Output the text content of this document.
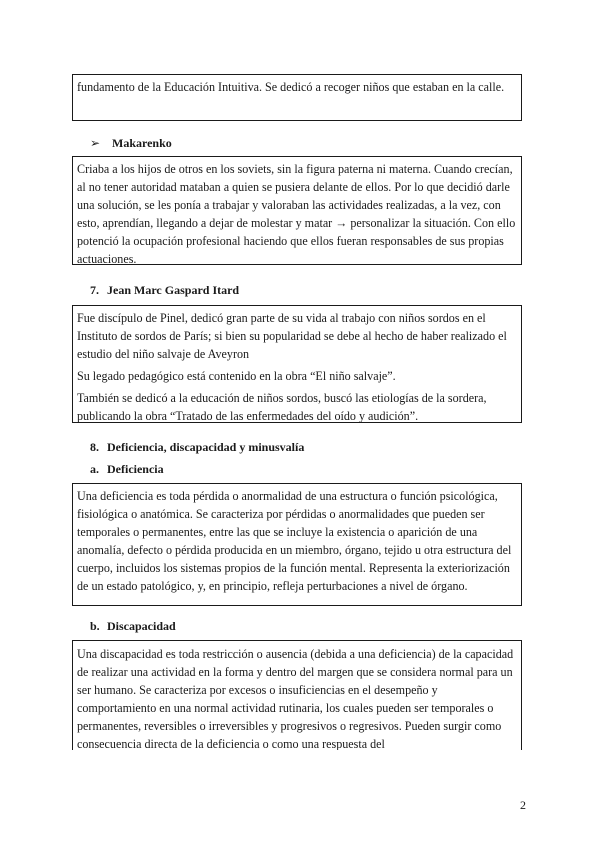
fundamento de la Educación Intuitiva. Se dedicó a recoger niños que estaban en la calle.

➢ Makarenko

Criaba a los hijos de otros en los soviets, sin la figura paterna ni materna. Cuando crecían, al no tener autoridad mataban a quien se pusiera delante de ellos. Por lo que decidió darle una solución, se les ponía a trabajar y valoraban las actividades realizadas, a la vez, con esto, aprendían, llegando a dejar de molestar y matar → personalizar la situación. Con ello potenció la ocupación profesional haciendo que ellos fueran responsables de sus propias actuaciones.

7. Jean Marc Gaspard Itard

Fue discípulo de Pinel, dedicó gran parte de su vida al trabajo con niños sordos en el Instituto de sordos de París; si bien su popularidad se debe al hecho de haber realizado el estudio del niño salvaje de Aveyron

Su legado pedagógico está contenido en la obra “El niño salvaje”.

También se dedicó a la educación de niños sordos, buscó las etiologías de la sordera, publicando la obra “Tratado de las enfermedades del oído y audición”.

8. Deficiencia, discapacidad y minusvalía
a. Deficiencia

Una deficiencia es toda pérdida o anormalidad de una estructura o función psicológica, fisiológica o anatómica. Se caracteriza por pérdidas o anormalidades que pueden ser temporales o permanentes, entre las que se incluye la existencia o aparición de una anomalía, defecto o pérdida producida en un miembro, órgano, tejido u otra estructura del cuerpo, incluidos los sistemas propios de la función mental. Representa la exteriorización de un estado patológico, y, en principio, refleja perturbaciones a nivel de órgano.

b. Discapacidad

Una discapacidad es toda restricción o ausencia (debida a una deficiencia) de la capacidad de realizar una actividad en la forma y dentro del margen que se considera normal para un ser humano. Se caracteriza por excesos o insuficiencias en el desempeño y comportamiento en una normal actividad rutinaria, los cuales pueden ser temporales o permanentes, reversibles o irreversibles y progresivos o regresivos. Pueden surgir como consecuencia directa de la deficiencia o como una respuesta del

2
